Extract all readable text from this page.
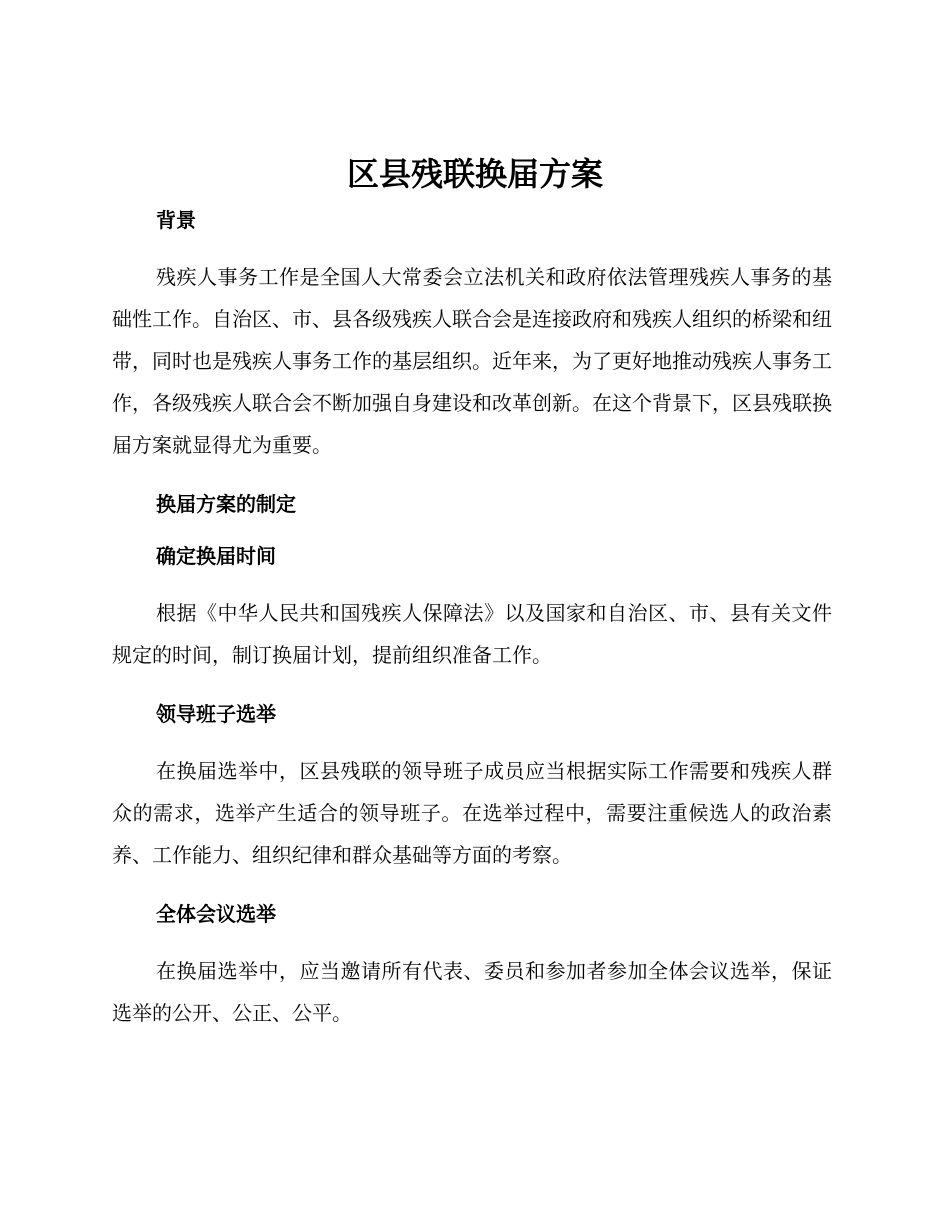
区县残联换届方案
背景

残疾人事务工作是全国人大常委会立法机关和政府依法管理残疾人事务的基础性工作。自治区、市、县各级残疾人联合会是连接政府和残疾人组织的桥梁和纽带，同时也是残疾人事务工作的基层组织。近年来，为了更好地推动残疾人事务工作，各级残疾人联合会不断加强自身建设和改革创新。在这个背景下，区县残联换届方案就显得尤为重要。

换届方案的制定
确定换届时间

根据《中华人民共和国残疾人保障法》以及国家和自治区、市、县有关文件规定的时间，制订换届计划，提前组织准备工作。

领导班子选举

在换届选举中，区县残联的领导班子成员应当根据实际工作需要和残疾人群众的需求，选举产生适合的领导班子。在选举过程中，需要注重候选人的政治素养、工作能力、组织纪律和群众基础等方面的考察。

全体会议选举

在换届选举中，应当邀请所有代表、委员和参加者参加全体会议选举，保证选举的公开、公正、公平。
